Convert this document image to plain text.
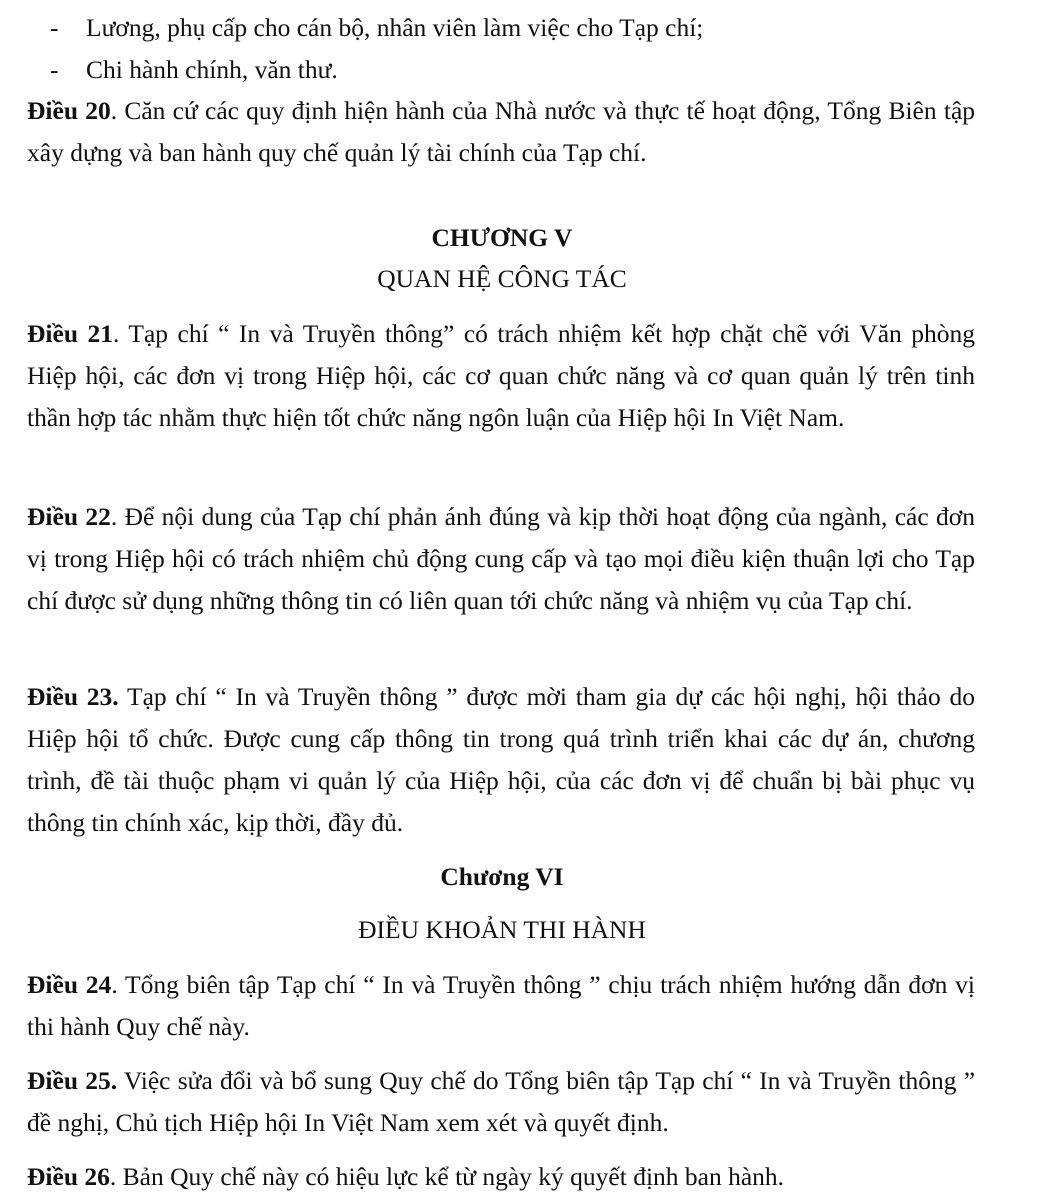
- Lương, phụ cấp cho cán bộ, nhân viên làm việc cho Tạp chí;
- Chi hành chính, văn thư.
Điều 20. Căn cứ các quy định hiện hành của Nhà nước và thực tế hoạt động, Tổng Biên tập xây dựng và ban hành quy chế quản lý tài chính của Tạp chí.
CHƯƠNG V
QUAN HỆ CÔNG TÁC
Điều 21. Tạp chí “ In và Truyền thông” có trách nhiệm kết hợp chặt chẽ với Văn phòng Hiệp hội, các đơn vị trong Hiệp hội, các cơ quan chức năng và cơ quan quản lý trên tinh thần hợp tác nhằm thực hiện tốt chức năng ngôn luận của Hiệp hội In Việt Nam.
Điều 22. Để nội dung của Tạp chí phản ánh đúng và kịp thời hoạt động của ngành, các đơn vị trong Hiệp hội có trách nhiệm chủ động cung cấp và tạo mọi điều kiện thuận lợi cho Tạp chí được sử dụng những thông tin có liên quan tới chức năng và nhiệm vụ của Tạp chí.
Điều 23. Tạp chí “ In và Truyền thông ” được mời tham gia dự các hội nghị, hội thảo do Hiệp hội tổ chức. Được cung cấp thông tin trong quá trình triển khai các dự án, chương trình, đề tài thuộc phạm vi quản lý của Hiệp hội, của các đơn vị để chuẩn bị bài phục vụ thông tin chính xác, kịp thời, đầy đủ.
Chương VI
ĐIỀU KHOẢN THI HÀNH
Điều 24. Tổng biên tập Tạp chí “ In và Truyền thông ” chịu trách nhiệm hướng dẫn đơn vị thi hành Quy chế này.
Điều 25. Việc sửa đổi và bổ sung Quy chế do Tổng biên tập Tạp chí “ In và Truyền thông ” đề nghị, Chủ tịch Hiệp hội In Việt Nam xem xét và quyết định.
Điều 26. Bản Quy chế này có hiệu lực kể từ ngày ký quyết định ban hành.
